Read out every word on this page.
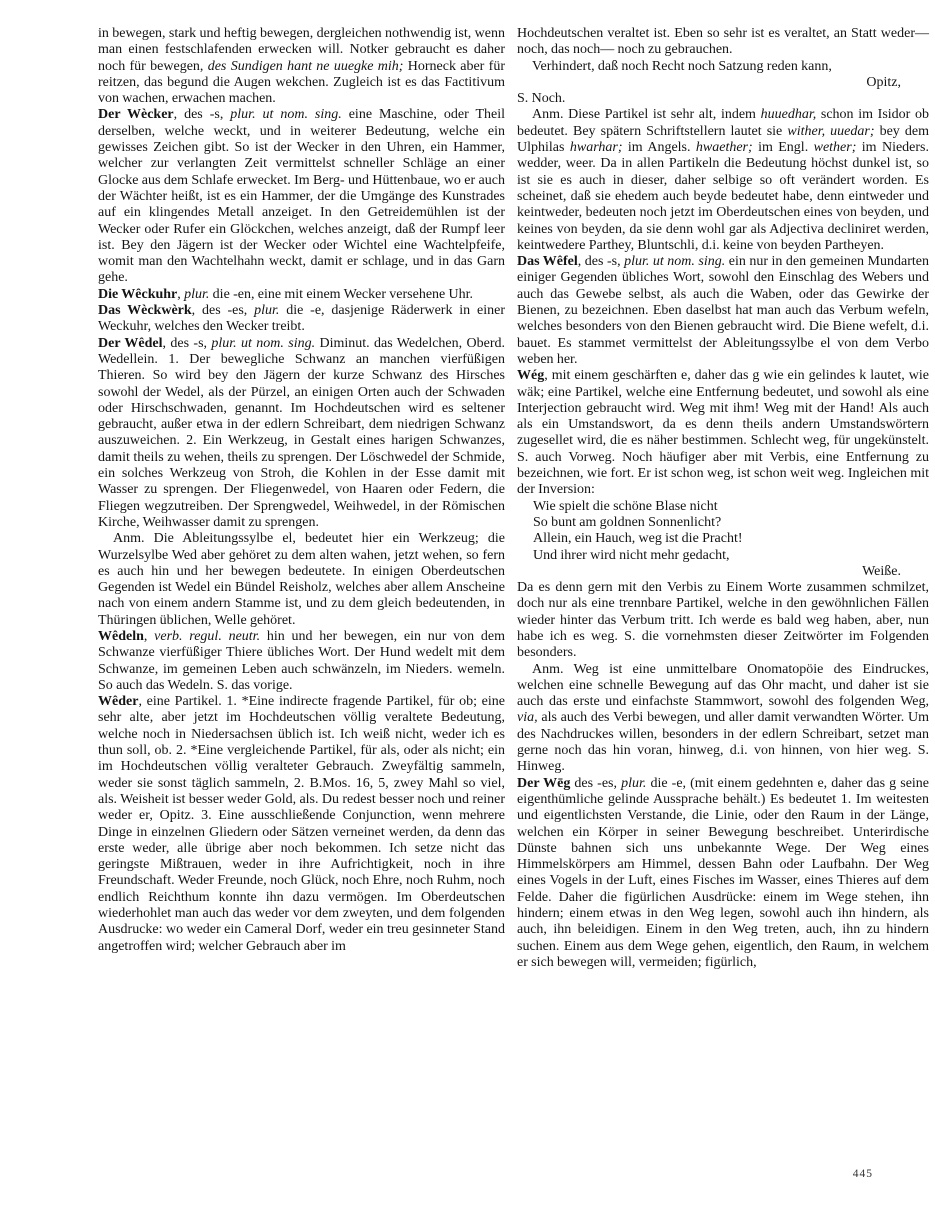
in bewegen, stark und heftig bewegen, dergleichen nothwendig ist, wenn man einen festschlafenden erwecken will. Notker gebraucht es daher noch für bewegen, des Sundigen hant ne uuegke mih; Horneck aber für reitzen, das begund die Augen wekchen. Zugleich ist es das Factitivum von wachen, erwachen machen.

Der Wècker, des -s, plur. ut nom. sing. eine Maschine, oder Theil derselben, welche weckt, und in weiterer Bedeutung, welche ein gewisses Zeichen gibt. So ist der Wecker in den Uhren, ein Hammer, welcher zur verlangten Zeit vermittelst schneller Schläge an einer Glocke aus dem Schlafe erwecket. Im Berg- und Hüttenbaue, wo er auch der Wächter heißt, ist es ein Hammer, der die Umgänge des Kunstrades auf ein klingendes Metall anzeiget. In den Getreidemühlen ist der Wecker oder Rufer ein Glöckchen, welches anzeigt, daß der Rumpf leer ist. Bey den Jägern ist der Wecker oder Wichtel eine Wachtelpfeife, womit man den Wachtelhahn weckt, damit er schlage, und in das Garn gehe.

Die Wêckuhr, plur. die -en, eine mit einem Wecker versehene Uhr.

Das Wèckwèrk, des -es, plur. die -e, dasjenige Räderwerk in einer Weckuhr, welches den Wecker treibt.

Der Wêdel, des -s, plur. ut nom. sing. Diminut. das Wedelchen, Oberd. Wedellein. 1. Der bewegliche Schwanz an manchen vierfüßigen Thieren. So wird bey den Jägern der kurze Schwanz des Hirsches sowohl der Wedel, als der Pürzel, an einigen Orten auch der Schwaden oder Hirschschwaden, genannt. Im Hochdeutschen wird es seltener gebraucht, außer etwa in der edlern Schreibart, dem niedrigen Schwanz auszuweichen. 2. Ein Werkzeug, in Gestalt eines harigen Schwanzes, damit theils zu wehen, theils zu sprengen. Der Löschwedel der Schmide, ein solches Werkzeug von Stroh, die Kohlen in der Esse damit mit Wasser zu sprengen. Der Fliegenwedel, von Haaren oder Federn, die Fliegen wegzutreiben. Der Sprengwedel, Weihwedel, in der Römischen Kirche, Weihwasser damit zu sprengen.

Anm. Die Ableitungssylbe el, bedeutet hier ein Werkzeug; die Wurzelsylbe Wed aber gehöret zu dem alten wahen, jetzt wehen, so fern es auch hin und her bewegen bedeutete. In einigen Oberdeutschen Gegenden ist Wedel ein Bündel Reisholz, welches aber allem Anscheine nach von einem andern Stamme ist, und zu dem gleich bedeutenden, in Thüringen üblichen, Welle gehöret.

Wêdeln, verb. regul. neutr. hin und her bewegen, ein nur von dem Schwanze vierfüßiger Thiere übliches Wort. Der Hund wedelt mit dem Schwanze, im gemeinen Leben auch schwänzeln, im Nieders. wemeln. So auch das Wedeln. S. das vorige.

Wêder, eine Partikel. 1. *Eine indirecte fragende Partikel, für ob; eine sehr alte, aber jetzt im Hochdeutschen völlig veraltete Bedeutung, welche noch in Niedersachsen üblich ist. Ich weiß nicht, weder ich es thun soll, ob. 2. *Eine vergleichende Partikel, für als, oder als nicht; ein im Hochdeutschen völlig veralteter Gebrauch. Zweyfältig sammeln, weder sie sonst täglich sammeln, 2. B.Mos. 16, 5, zwey Mahl so viel, als. Weisheit ist besser weder Gold, als. Du redest besser noch und reiner weder er, Opitz. 3. Eine ausschließende Conjunction, wenn mehrere Dinge in einzelnen Gliedern oder Sätzen verneinet werden, da denn das erste weder, alle übrige aber noch bekommen. Ich setze nicht das geringste Mißtrauen, weder in ihre Aufrichtigkeit, noch in ihre Freundschaft. Weder Freunde, noch Glück, noch Ehre, noch Ruhm, noch endlich Reichthum konnte ihn dazu vermögen. Im Oberdeutschen wiederhohlet man auch das weder vor dem zweyten, und dem folgenden Ausdrucke: wo weder ein Cameral Dorf, weder ein treu gesinneter Stand angetroffen wird; welcher Gebrauch aber im

Hochdeutschen veraltet ist. Eben so sehr ist es veraltet, an Statt weder— noch, das noch— noch zu gebrauchen.

Verhindert, daß noch Recht noch Satzung reden kann,

Opitz,

S. Noch.

Anm. Diese Partikel ist sehr alt, indem huuedhar, schon im Isidor ob bedeutet. Bey spätern Schriftstellern lautet sie wither, uuedar; bey dem Ulphilas hwarhar; im Angels. hwaether; im Engl. wether; im Nieders. wedder, weer. Da in allen Partikeln die Bedeutung höchst dunkel ist, so ist sie es auch in dieser, daher selbige so oft verändert worden. Es scheinet, daß sie ehedem auch beyde bedeutet habe, denn eintweder und keintweder, bedeuten noch jetzt im Oberdeutschen eines von beyden, und keines von beyden, da sie denn wohl gar als Adjectiva decliniret werden, keintwedere Parthey, Bluntschli, d.i. keine von beyden Partheyen.

Das Wêfel, des -s, plur. ut nom. sing. ein nur in den gemeinen Mundarten einiger Gegenden übliches Wort, sowohl den Einschlag des Webers und auch das Gewebe selbst, als auch die Waben, oder das Gewirke der Bienen, zu bezeichnen. Eben daselbst hat man auch das Verbum wefeln, welches besonders von den Bienen gebraucht wird. Die Biene wefelt, d.i. bauet. Es stammet vermittelst der Ableitungssylbe el von dem Verbo weben her.

Wég, mit einem geschärften e, daher das g wie ein gelindes k lautet, wie wäk; eine Partikel, welche eine Entfernung bedeutet, und sowohl als eine Interjection gebraucht wird. Weg mit ihm! Weg mit der Hand! Als auch als ein Umstandswort, da es denn theils andern Umstandswörtern zugesellet wird, die es näher bestimmen. Schlecht weg, für ungekünstelt. S. auch Vorweg. Noch häufiger aber mit Verbis, eine Entfernung zu bezeichnen, wie fort. Er ist schon weg, ist schon weit weg. Ingleichen mit der Inversion:

Wie spielt die schöne Blase nicht

So bunt am goldnen Sonnenlicht?

Allein, ein Hauch, weg ist die Pracht!

Und ihrer wird nicht mehr gedacht,

Weiße.

Da es denn gern mit den Verbis zu Einem Worte zusammen schmilzet, doch nur als eine trennbare Partikel, welche in den gewöhnlichen Fällen wieder hinter das Verbum tritt. Ich werde es bald weg haben, aber, nun habe ich es weg. S. die vornehmsten dieser Zeitwörter im Folgenden besonders.

Anm. Weg ist eine unmittelbare Onomatopöie des Eindruckes, welchen eine schnelle Bewegung auf das Ohr macht, und daher ist sie auch das erste und einfachste Stammwort, sowohl des folgenden Weg, via, als auch des Verbi bewegen, und aller damit verwandten Wörter. Um des Nachdruckes willen, besonders in der edlern Schreibart, setzet man gerne noch das hin voran, hinweg, d.i. von hinnen, von hier weg. S. Hinweg.

Der Wēg des -es, plur. die -e, (mit einem gedehnten e, daher das g seine eigenthümliche gelinde Aussprache behält.) Es bedeutet 1. Im weitesten und eigentlichsten Verstande, die Linie, oder den Raum in der Länge, welchen ein Körper in seiner Bewegung beschreibet. Unterirdische Dünste bahnen sich uns unbekannte Wege. Der Weg eines Himmelskörpers am Himmel, dessen Bahn oder Laufbahn. Der Weg eines Vogels in der Luft, eines Fisches im Wasser, eines Thieres auf dem Felde. Daher die figürlichen Ausdrücke: einem im Wege stehen, ihn hindern; einem etwas in den Weg legen, sowohl auch ihn hindern, als auch, ihn beleidigen. Einem in den Weg treten, auch, ihn zu hindern suchen. Einem aus dem Wege gehen, eigentlich, den Raum, in welchem er sich bewegen will, vermeiden; figürlich,

445
